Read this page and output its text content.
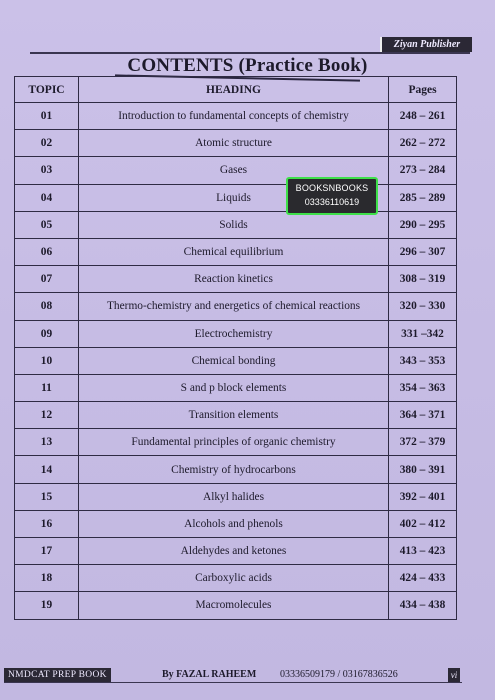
Ziyan Publisher
CONTENTS (Practice Book)
TOPIC	HEADING	Pages
01	Introduction to fundamental concepts of chemistry	248 – 261
02	Atomic structure	262 – 272
03	Gases	273 – 284
04	Liquids	285 – 289
05	Solids	290 – 295
06	Chemical equilibrium	296 – 307
07	Reaction kinetics	308 – 319
08	Thermo-chemistry and energetics of chemical reactions	320 – 330
09	Electrochemistry	331 –342
10	Chemical bonding	343 – 353
11	S and p block elements	354 – 363
12	Transition elements	364 – 371
13	Fundamental principles of organic chemistry	372 – 379
14	Chemistry of hydrocarbons	380 – 391
15	Alkyl halides	392 – 401
16	Alcohols and phenols	402 – 412
17	Aldehydes and ketones	413 – 423
18	Carboxylic acids	424 – 433
19	Macromolecules	434 – 438
BOOKSNBOOKS
03336110619
NMDCAT PREP BOOK	By FAZAL RAHEEM 03336509179 / 03167836526	vi
